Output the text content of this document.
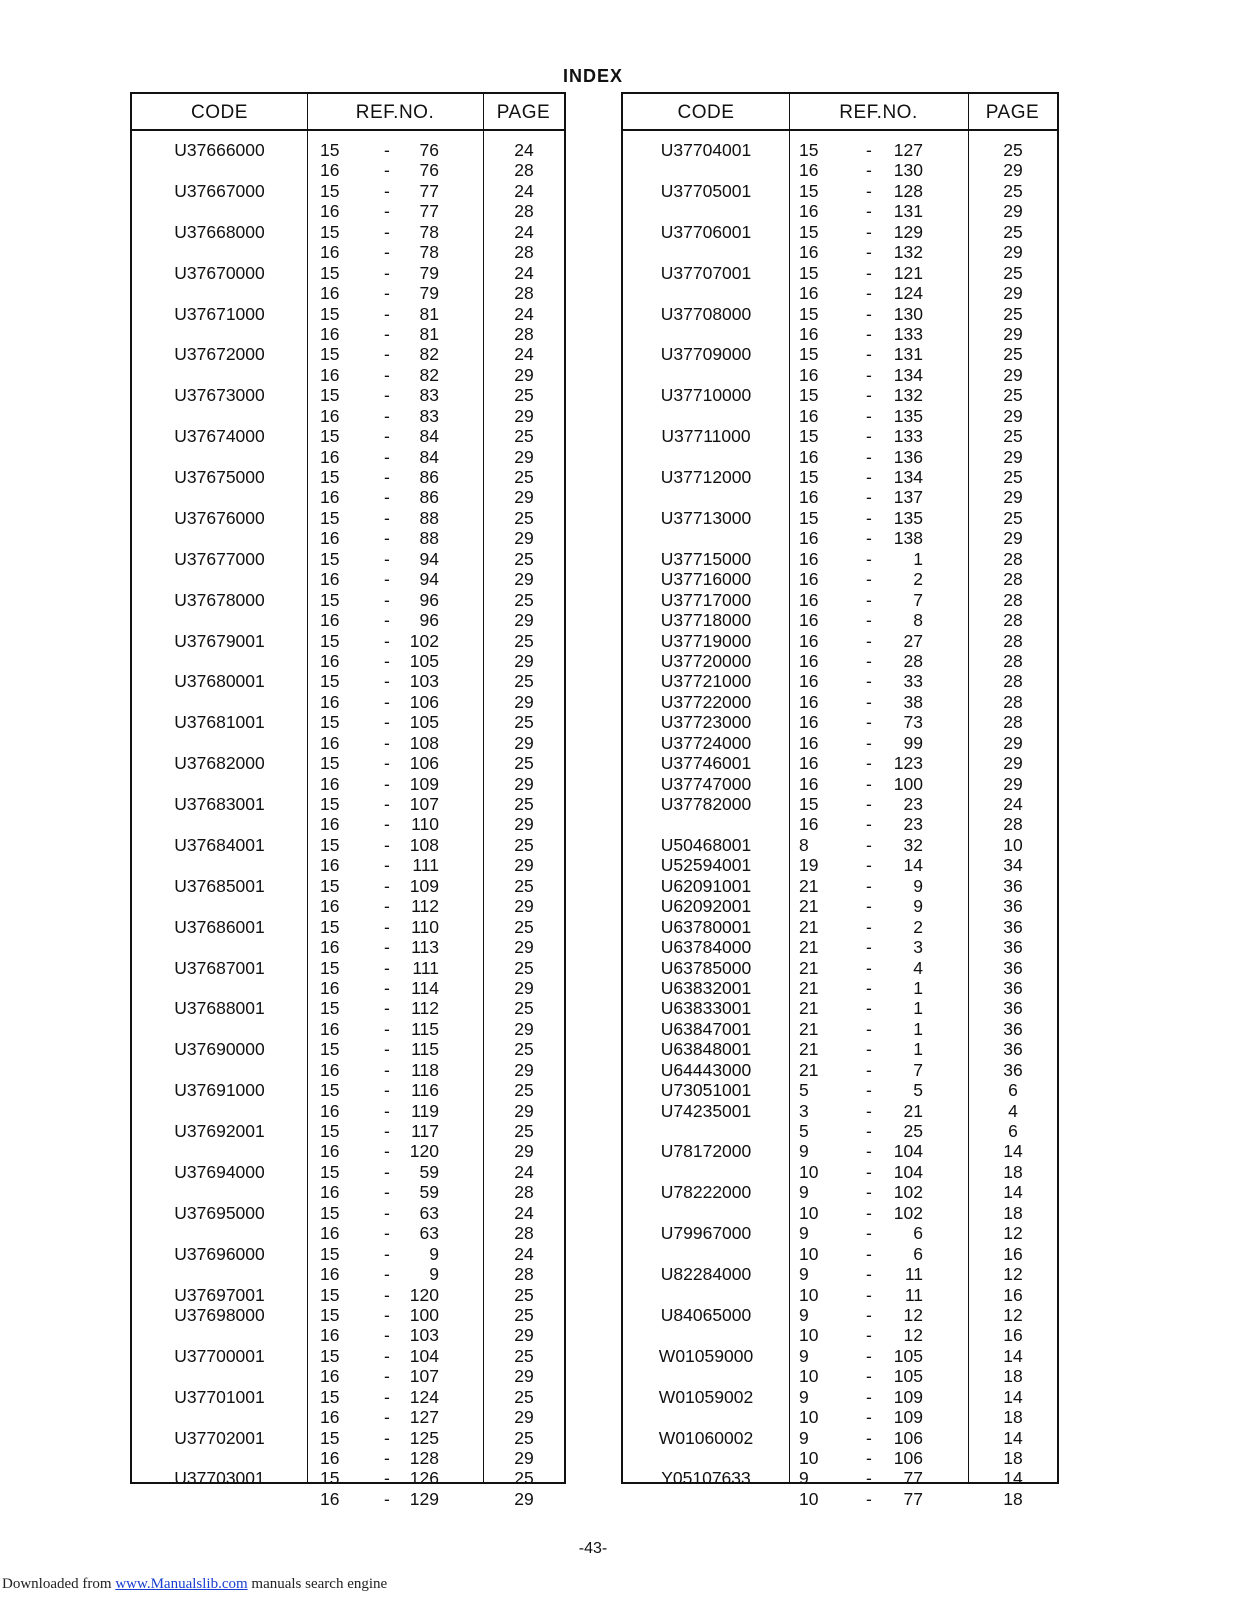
INDEX
CODE	REF.NO.	PAGE
U37666000	15	- 76	24
16	- 76	28
U37667000	15	- 77	24
16	- 77	28
U37668000	15	- 78	24
16	- 78	28
U37670000	15	- 79	24
16	- 79	28
U37671000	15	- 81	24
16	- 81	28
U37672000	15	- 82	24
16	- 82	29
U37673000	15	- 83	25
16	- 83	29
U37674000	15	- 84	25
16	- 84	29
U37675000	15	- 86	25
16	- 86	29
U37676000	15	- 88	25
16	- 88	29
U37677000	15	- 94	25
16	- 94	29
U37678000	15	- 96	25
16	- 96	29
U37679001	15	- 102	25
16	- 105	29
U37680001	15	- 103	25
16	- 106	29
U37681001	15	- 105	25
16	- 108	29
U37682000	15	- 106	25
16	- 109	29
U37683001	15	- 107	25
16	- 110	29
U37684001	15	- 108	25
16	- 111	29
U37685001	15	- 109	25
16	- 112	29
U37686001	15	- 110	25
16	- 113	29
U37687001	15	- 111	25
16	- 114	29
U37688001	15	- 112	25
16	- 115	29
U37690000	15	- 115	25
16	- 118	29
U37691000	15	- 116	25
16	- 119	29
U37692001	15	- 117	25
16	- 120	29
U37694000	15	- 59	24
16	- 59	28
U37695000	15	- 63	24
16	- 63	28
U37696000	15	- 9	24
16	- 9	28
U37697001	15	- 120	25
U37698000	15	- 100	25
16	- 103	29
U37700001	15	- 104	25
16	- 107	29
U37701001	15	- 124	25
16	- 127	29
U37702001	15	- 125	25
16	- 128	29
U37703001	15	- 126	25
16	- 129	29
CODE	REF.NO.	PAGE
U37704001	15	- 127	25
16	- 130	29
U37705001	15	- 128	25
16	- 131	29
U37706001	15	- 129	25
16	- 132	29
U37707001	15	- 121	25
16	- 124	29
U37708000	15	- 130	25
16	- 133	29
U37709000	15	- 131	25
16	- 134	29
U37710000	15	- 132	25
16	- 135	29
U37711000	15	- 133	25
16	- 136	29
U37712000	15	- 134	25
16	- 137	29
U37713000	15	- 135	25
16	- 138	29
U37715000	16	- 1	28
U37716000	16	- 2	28
U37717000	16	- 7	28
U37718000	16	- 8	28
U37719000	16	- 27	28
U37720000	16	- 28	28
U37721000	16	- 33	28
U37722000	16	- 38	28
U37723000	16	- 73	28
U37724000	16	- 99	29
U37746001	16	- 123	29
U37747000	16	- 100	29
U37782000	15	- 23	24
16	- 23	28
U50468001	8	- 32	10
U52594001	19	- 14	34
U62091001	21	- 9	36
U62092001	21	- 9	36
U63780001	21	- 2	36
U63784000	21	- 3	36
U63785000	21	- 4	36
U63832001	21	- 1	36
U63833001	21	- 1	36
U63847001	21	- 1	36
U63848001	21	- 1	36
U64443000	21	- 7	36
U73051001	5	- 5	6
U74235001	3	- 21	4
5	- 25	6
U78172000	9	- 104	14
10	- 104	18
U78222000	9	- 102	14
10	- 102	18
U79967000	9	- 6	12
10	- 6	16
U82284000	9	- 11	12
10	- 11	16
U84065000	9	- 12	12
10	- 12	16
W01059000	9	- 105	14
10	- 105	18
W01059002	9	- 109	14
10	- 109	18
W01060002	9	- 106	14
10	- 106	18
Y05107633	9	- 77	14
10	- 77	18
-43-
Downloaded from www.Manualslib.com manuals search engine
